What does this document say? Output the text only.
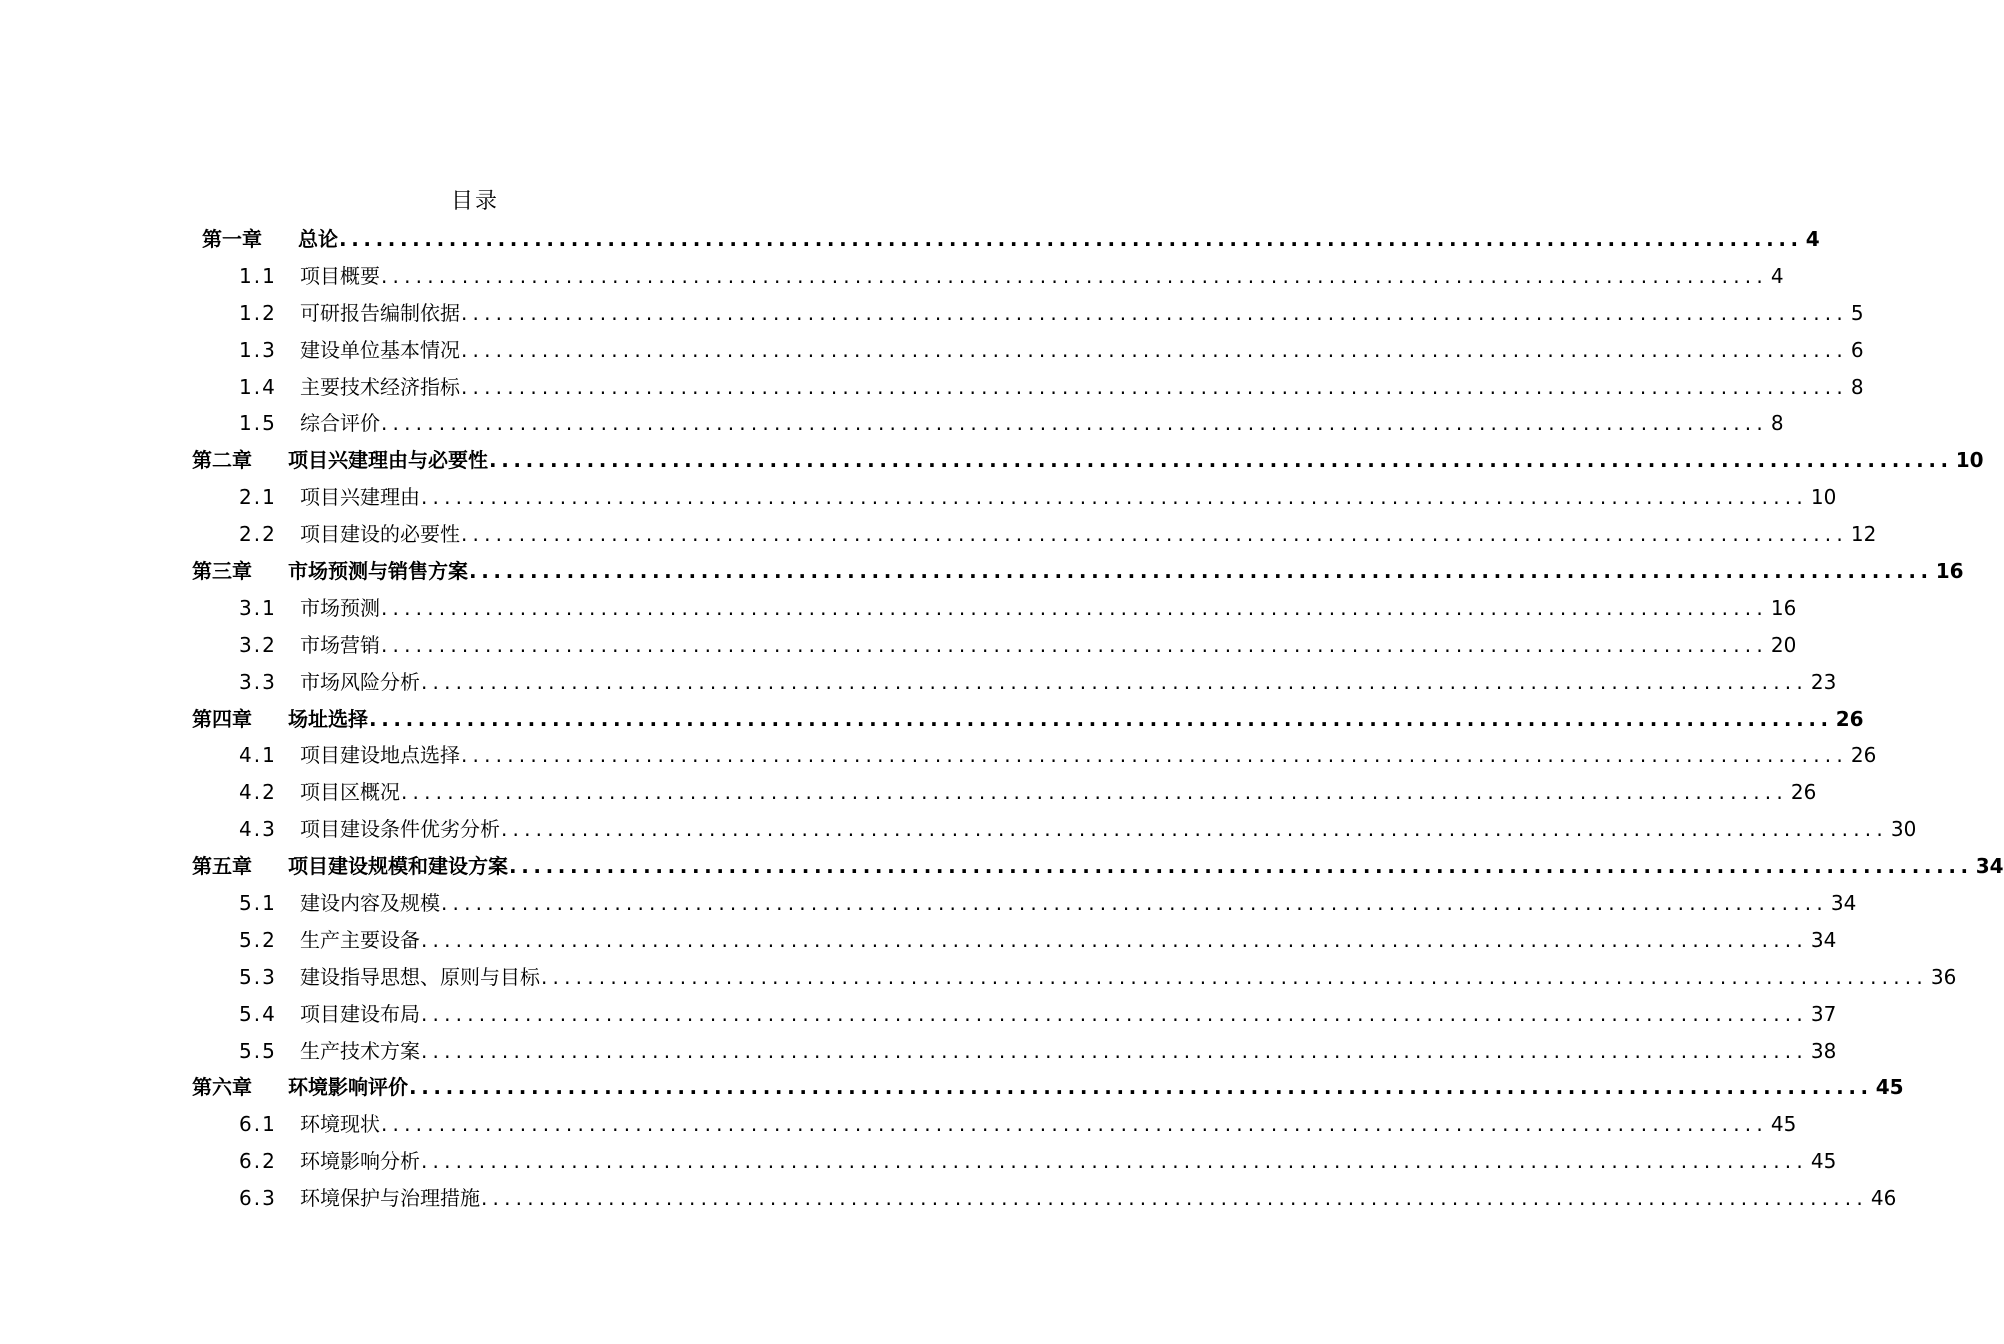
目录
第一章 总论 ........................................................................................................................ 4
1.1 项目概要 ........................................................................................................................ 4
1.2 可研报告编制依据 ........................................................................................................................ 5
1.3 建设单位基本情况 ........................................................................................................................ 6
1.4 主要技术经济指标 ........................................................................................................................ 8
1.5 综合评价 ........................................................................................................................ 8
第二章 项目兴建理由与必要性 ........................................................................................................................ 10
2.1 项目兴建理由 ........................................................................................................................ 10
2.2 项目建设的必要性 ........................................................................................................................ 12
第三章 市场预测与销售方案 ........................................................................................................................ 16
3.1 市场预测 ........................................................................................................................ 16
3.2 市场营销 ........................................................................................................................ 20
3.3 市场风险分析 ........................................................................................................................ 23
第四章 场址选择 ........................................................................................................................ 26
4.1 项目建设地点选择 ........................................................................................................................ 26
4.2 项目区概况 ........................................................................................................................ 26
4.3 项目建设条件优劣分析 ........................................................................................................................ 30
第五章 项目建设规模和建设方案 ........................................................................................................................ 34
5.1 建设内容及规模 ........................................................................................................................ 34
5.2 生产主要设备 ........................................................................................................................ 34
5.3 建设指导思想、原则与目标 ........................................................................................................................ 36
5.4 项目建设布局 ........................................................................................................................ 37
5.5 生产技术方案 ........................................................................................................................ 38
第六章 环境影响评价 ........................................................................................................................ 45
6.1 环境现状 ........................................................................................................................ 45
6.2 环境影响分析 ........................................................................................................................ 45
6.3 环境保护与治理措施 ........................................................................................................................ 46
